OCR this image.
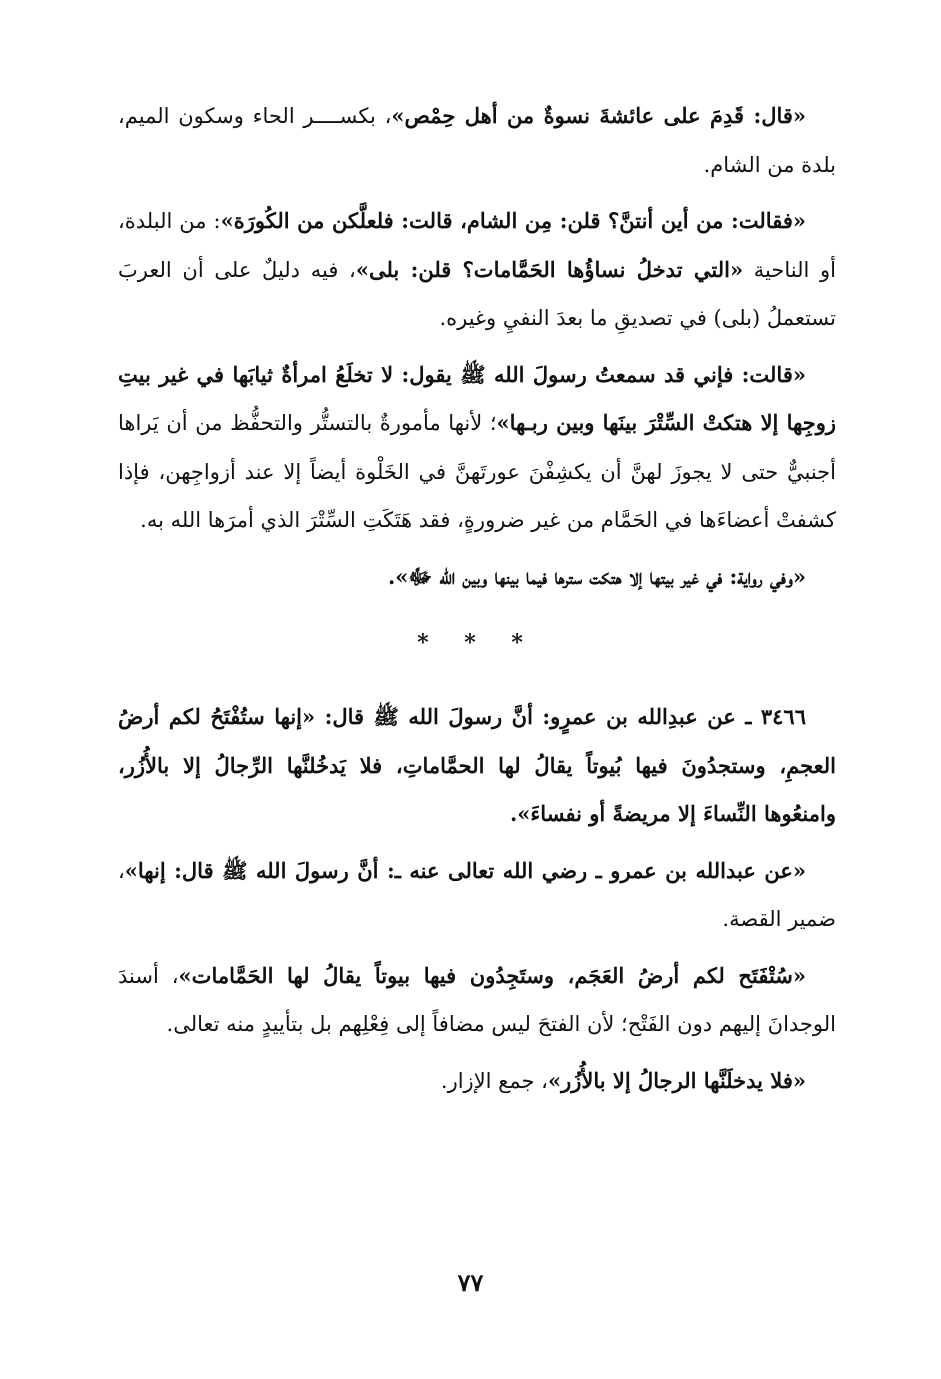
«قال: قَدِمَ على عائشةَ نسوةٌ من أهل حِمْص»، بكســــر الحاء وسكون الميم، بلدة من الشام.

«فقالت: من أين أنتنَّ؟ قلن: مِن الشام، قالت: فلعلَّكن من الكُورَة»: من البلدة، أو الناحية «التي تدخلُ نساؤُها الحَمَّامات؟ قلن: بلى»، فيه دليلٌ على أن العربَ تستعملُ (بلى) في تصديقِ ما بعدَ النفيِ وغيره.

«قالت: فإني قد سمعتُ رسولَ الله ﷺ يقول: لا تخلَعُ امرأةٌ ثيابَها في غير بيتِ زوجِها إلا هتكتْ السِّتْرَ بينَها وبين ربـها»؛ لأنها مأمورةٌ بالتستُّر والتحفُّظ من أن يَراها أجنبيٌّ حتى لا يجوزَ لهنَّ أن يكشِفْنَ عورتَهنَّ في الخَلْوة أيضاً إلا عند أزواجِهن، فإذا كشفتْ أعضاءَها في الحَمَّام من غير ضرورةٍ، فقد هَتَكَتِ السِّتْرَ الذي أمرَها الله به.

«وفي رواية: في غير بيتها إلا هتكت سترها فيما بينها وبين الله ﷻ».

* * *

٣٤٦٦ ـ عن عبدِالله بن عمرٍو: أنَّ رسولَ الله ﷺ قال: «إنها ستُفْتَحُ لكم أرضُ العجمِ، وستجدُونَ فيها بُيوتاً يقالُ لها الحمَّاماتِ، فلا يَدخُلنَّها الرِّجالُ إلا بالأُزُر، وامنعُوها النِّساءَ إلا مريضةً أو نفساءَ».

«عن عبدالله بن عمرو ـ رضي الله تعالى عنه ـ: أنَّ رسولَ الله ﷺ قال: إنها»، ضمير القصة.

«سُتْفَتَح لكم أرضُ العَجَم، وستَجِدُون فيها بيوتاً يقالُ لها الحَمَّامات»، أسندَ الوجدانَ إليهم دون الفَتْح؛ لأن الفتحَ ليس مضافاً إلى فِعْلِهم بل بتأييدٍ منه تعالى.

«فلا يدخلَنَّها الرجالُ إلا بالأُزُر»، جمع الإزار.

٧٧
